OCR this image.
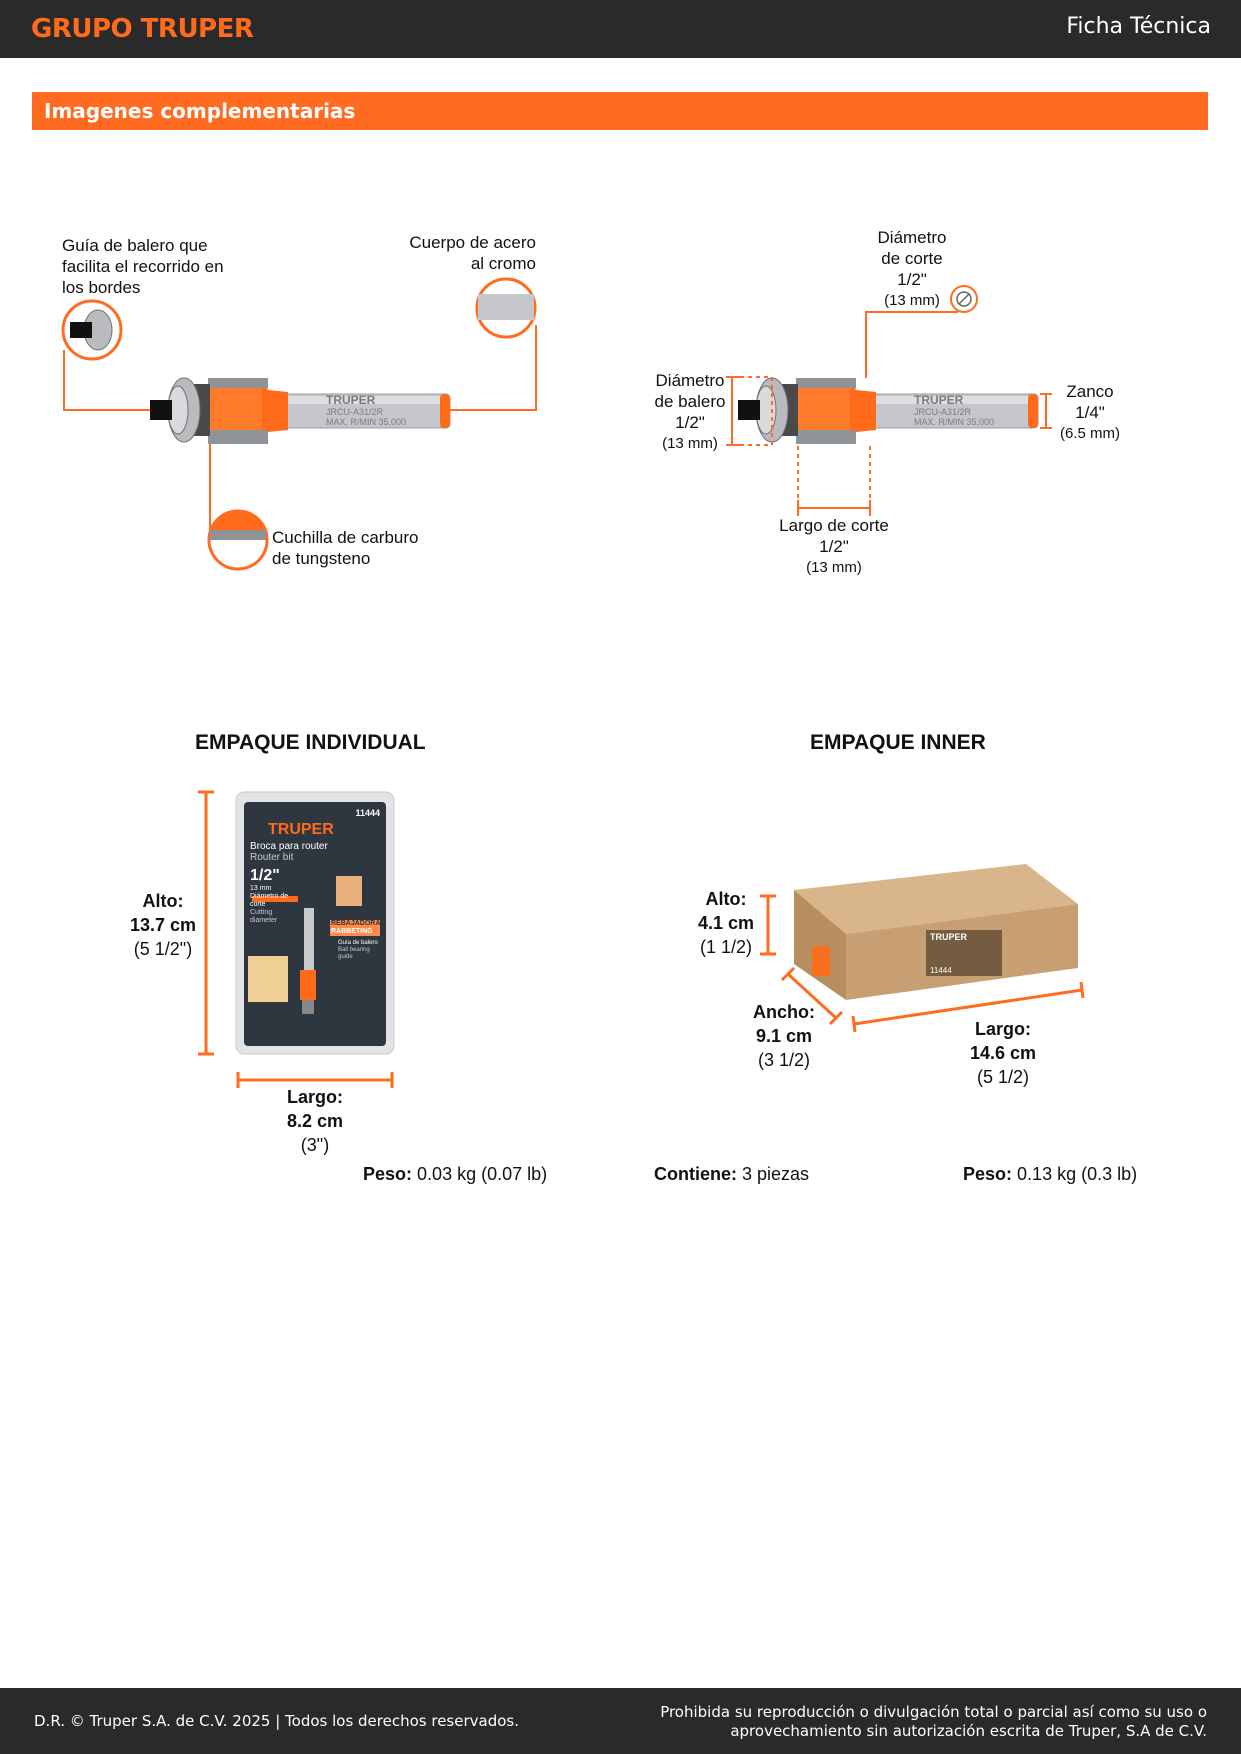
GRUPO TRUPER	Ficha Técnica
Imagenes complementarias
TRUPER
JRCU-A31/2R
MAX. R/MIN 35,000
TRUPER
JRCU-A31/2R
MAX. R/MIN 35,000
Guía de balero que facilita el recorrido en los bordes
Cuerpo de acero
al cromo
Cuchilla de carburo
de tungsteno
Diámetro
de corte
1/2"
(13 mm)
Diámetro
de balero
1/2"
(13 mm)
Zanco
1/4"
(6.5 mm)
Largo de corte
1/2"
(13 mm)
EMPAQUE INDIVIDUAL	EMPAQUE INNER
11444
TRUPER
Broca para router
Router bit
1/2"
13 mm
Diámetro de corte
Cutting diameter	REBAJADORA
RABBETING
Guía de balero
Ball bearing guide
Alto:
13.7 cm
(5 1/2")
Largo:
8.2 cm
(3")
Peso: 0.03 kg (0.07 lb)
Alto:
4.1 cm
(1 1/2)
Ancho:
9.1 cm
(3 1/2)
Largo:
14.6 cm
(5 1/2)
Contiene: 3 piezas	Peso: 0.13 kg (0.3 lb)
TRUPER
11444
D.R. © Truper S.A. de C.V. 2025 | Todos los derechos reservados.	Prohibida su reproducción o divulgación total o parcial así como su uso o
aprovechamiento sin autorización escrita de Truper, S.A de C.V.
